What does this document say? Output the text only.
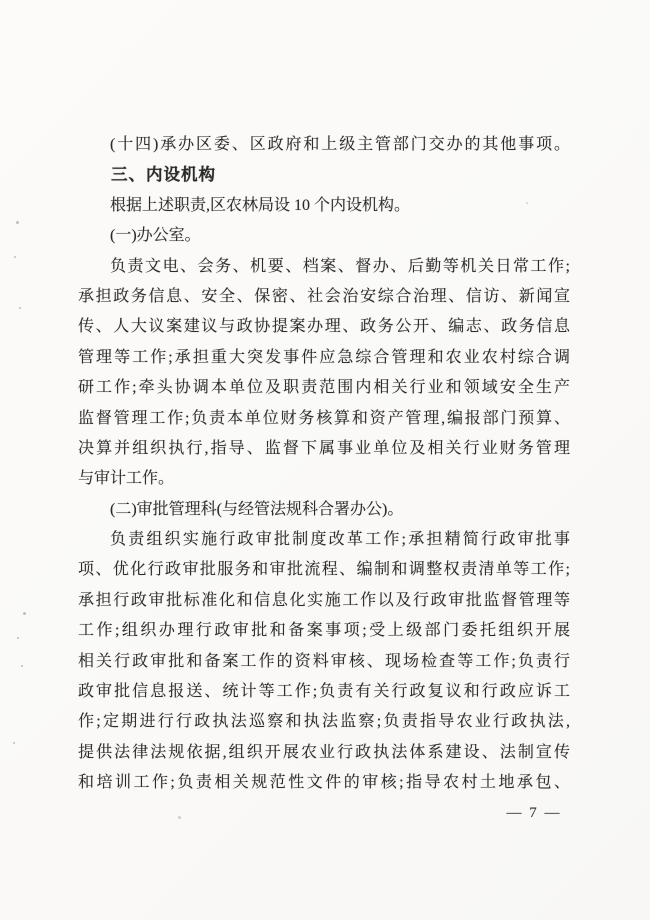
(十四)承办区委、区政府和上级主管部门交办的其他事项。
三、内设机构
根据上述职责,区农林局设 10 个内设机构。
(一)办公室。
负责文电、会务、机要、档案、督办、后勤等机关日常工作;
承担政务信息、安全、保密、社会治安综合治理、信访、新闻宣
传、人大议案建议与政协提案办理、政务公开、编志、政务信息
管理等工作;承担重大突发事件应急综合管理和农业农村综合调
研工作;牵头协调本单位及职责范围内相关行业和领域安全生产
监督管理工作;负责本单位财务核算和资产管理,编报部门预算、
决算并组织执行,指导、监督下属事业单位及相关行业财务管理
与审计工作。
(二)审批管理科(与经管法规科合署办公)。
负责组织实施行政审批制度改革工作;承担精简行政审批事
项、优化行政审批服务和审批流程、编制和调整权责清单等工作;
承担行政审批标准化和信息化实施工作以及行政审批监督管理等
工作;组织办理行政审批和备案事项;受上级部门委托组织开展
相关行政审批和备案工作的资料审核、现场检查等工作;负责行
政审批信息报送、统计等工作;负责有关行政复议和行政应诉工
作;定期进行行政执法巡察和执法监察;负责指导农业行政执法,
提供法律法规依据,组织开展农业行政执法体系建设、法制宣传
和培训工作;负责相关规范性文件的审核;指导农村土地承包、
— 7 —
